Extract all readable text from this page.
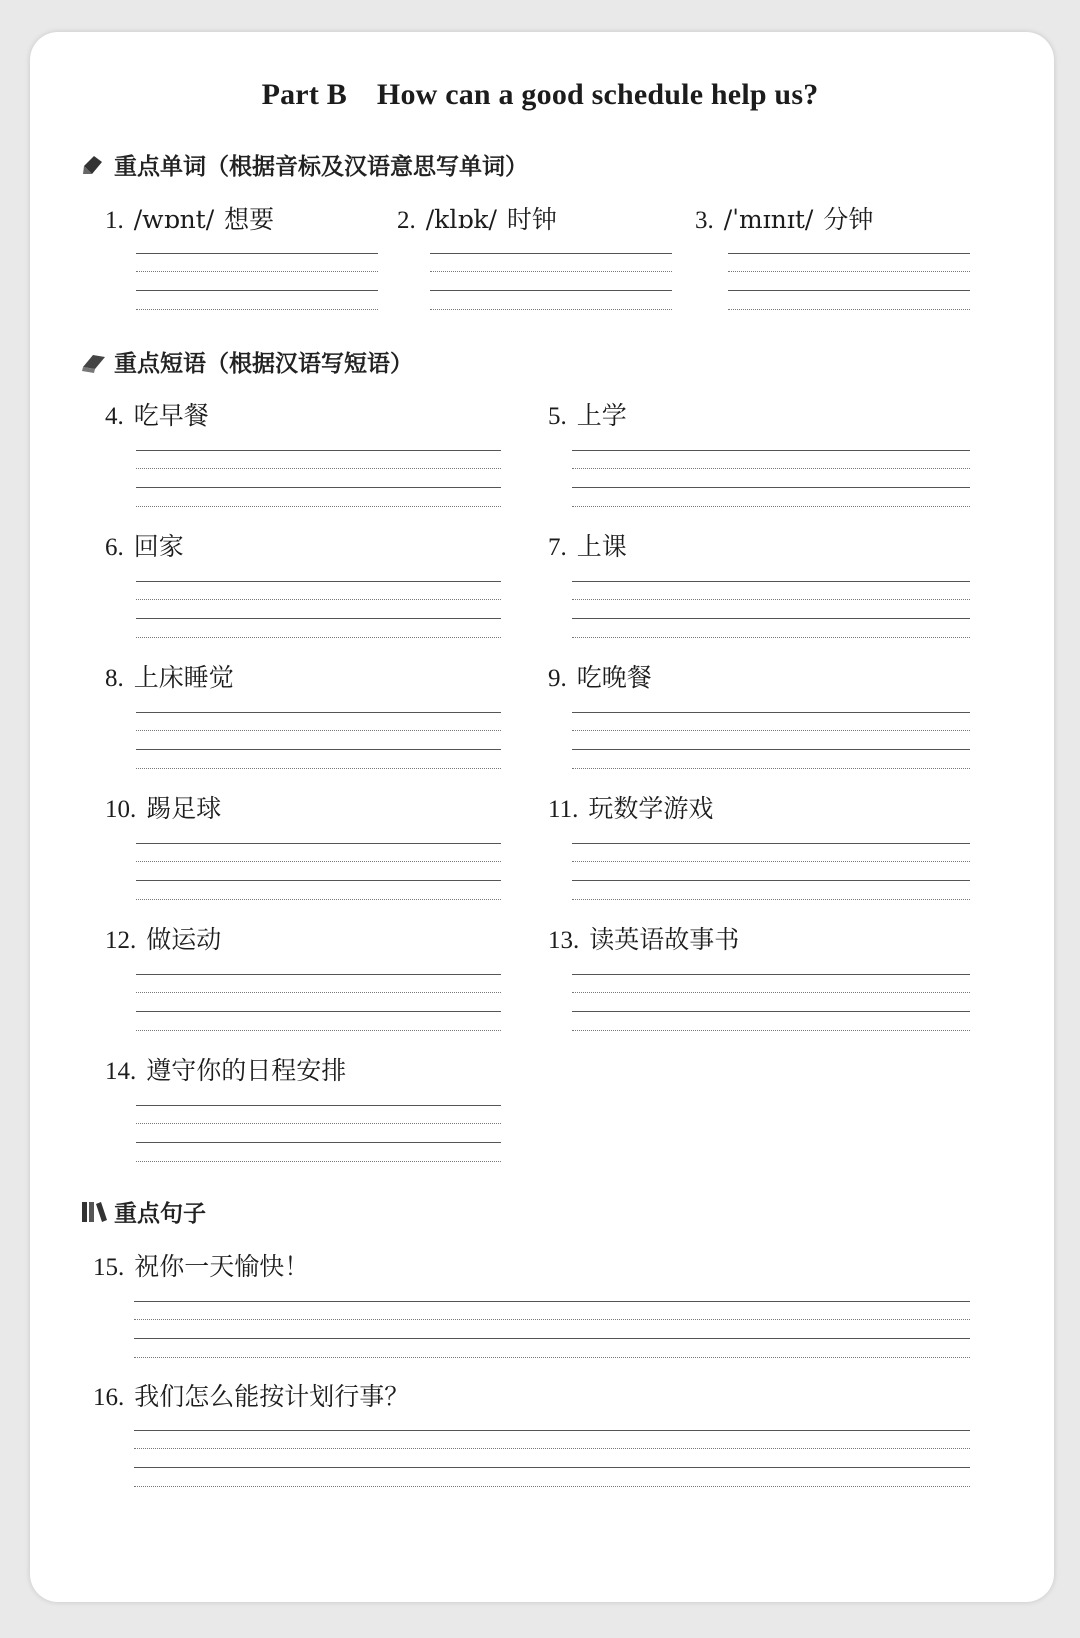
Part B How can a good schedule help us?
重点单词（根据音标及汉语意思写单词）
1. /wɒnt/ 想要	2. /klɒk/ 时钟	3. /ˈmɪnɪt/ 分钟
重点短语（根据汉语写短语）
4. 吃早餐	5. 上学
6. 回家	7. 上课
8. 上床睡觉	9. 吃晚餐
10. 踢足球	11. 玩数学游戏
12. 做运动	13. 读英语故事书
14. 遵守你的日程安排
重点句子
15. 祝你一天愉快！
16. 我们怎么能按计划行事？
